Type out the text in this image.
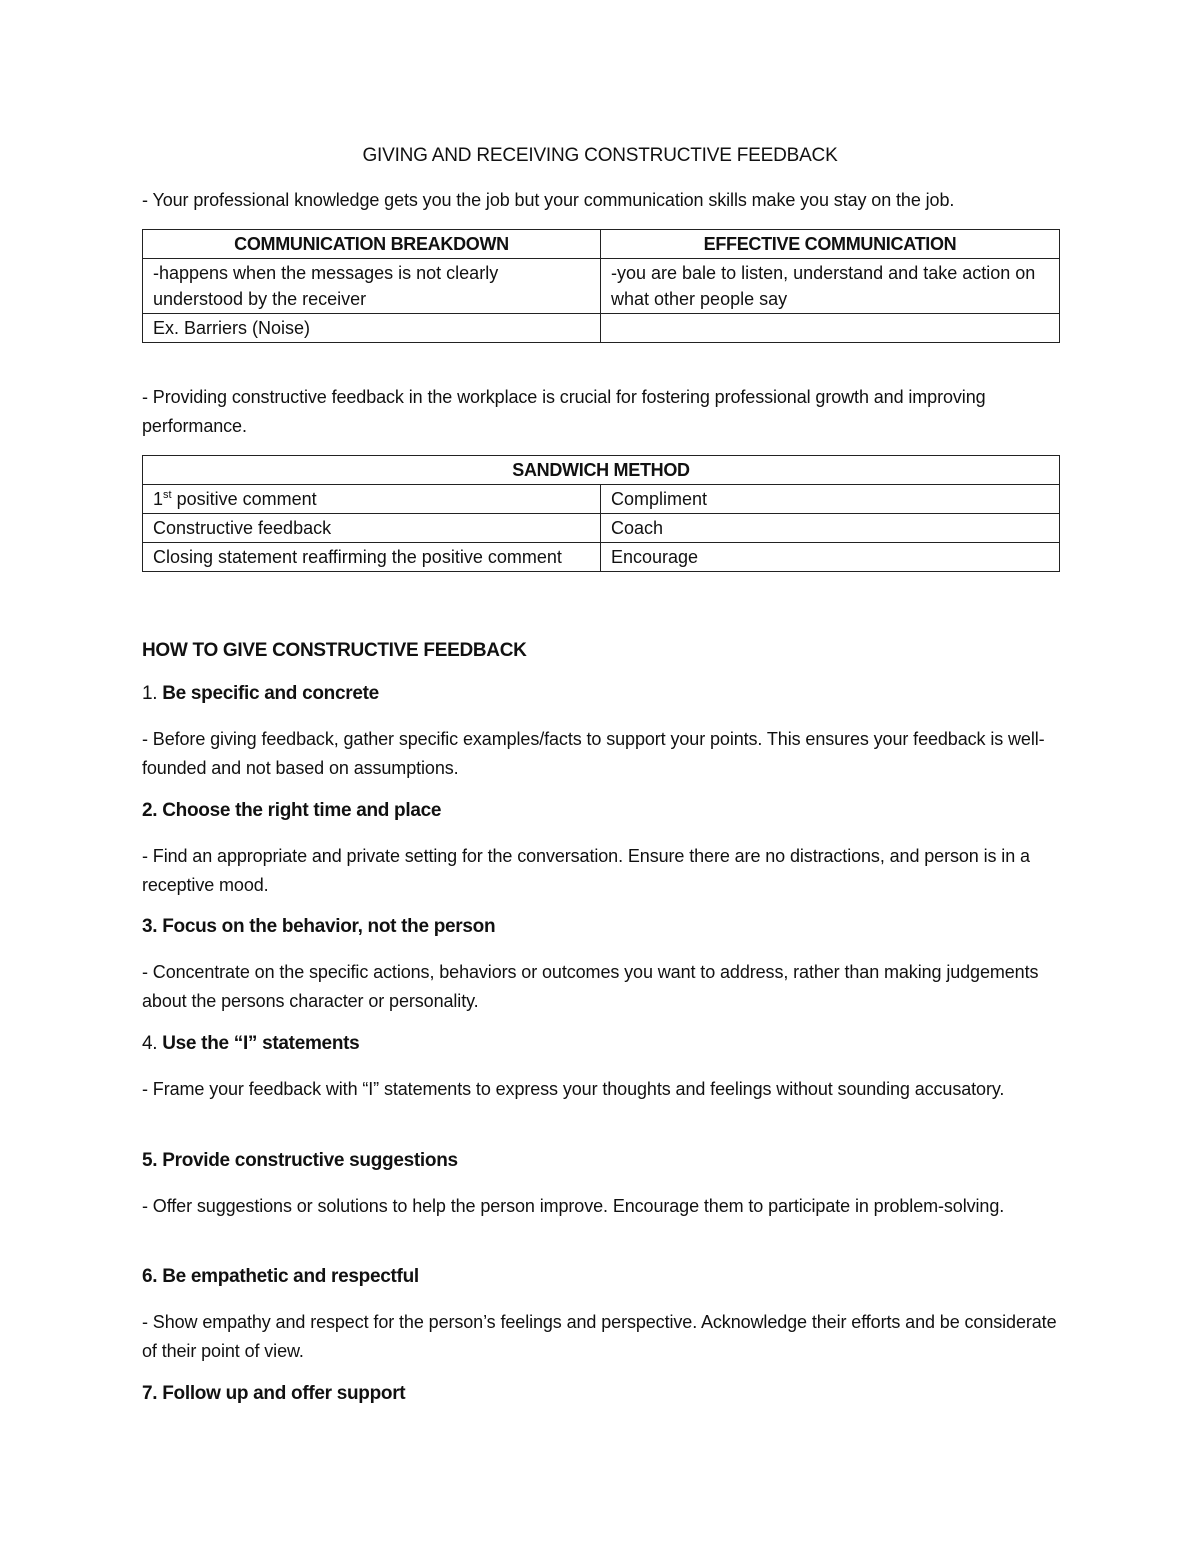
GIVING AND RECEIVING CONSTRUCTIVE FEEDBACK
- Your professional knowledge gets you the job but your communication skills make you stay on the job.
COMMUNICATION BREAKDOWN	EFFECTIVE COMMUNICATION
-happens when the messages is not clearly understood by the receiver	-you are bale to listen, understand and take action on what other people say
Ex. Barriers (Noise)	
- Providing constructive feedback in the workplace is crucial for fostering professional growth and improving performance.
SANDWICH METHOD	
1st positive comment	Compliment
Constructive feedback	Coach
Closing statement reaffirming the positive comment	Encourage
HOW TO GIVE CONSTRUCTIVE FEEDBACK
1. Be specific and concrete
- Before giving feedback, gather specific examples/facts to support your points. This ensures your feedback is well-founded and not based on assumptions.
2. Choose the right time and place
- Find an appropriate and private setting for the conversation. Ensure there are no distractions, and person is in a receptive mood.
3. Focus on the behavior, not the person
- Concentrate on the specific actions, behaviors or outcomes you want to address, rather than making judgements about the persons character or personality.
4. Use the “I” statements
- Frame your feedback with “I” statements to express your thoughts and feelings without sounding accusatory.
5. Provide constructive suggestions
- Offer suggestions or solutions to help the person improve. Encourage them to participate in problem-solving.
6. Be empathetic and respectful
- Show empathy and respect for the person’s feelings and perspective. Acknowledge their efforts and be considerate of their point of view.
7. Follow up and offer support
